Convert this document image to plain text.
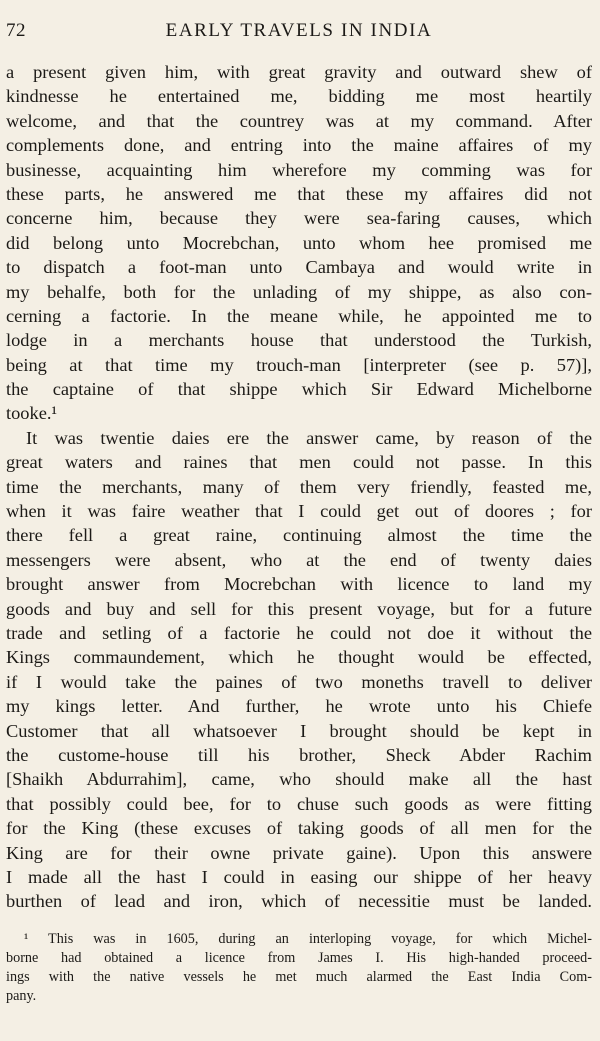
72	EARLY TRAVELS IN INDIA
a present given him, with great gravity and outward shew of
kindnesse he entertained me, bidding me most heartily
welcome, and that the countrey was at my command. After
complements done, and entring into the maine affaires of my
businesse, acquainting him wherefore my comming was for
these parts, he answered me that these my affaires did not
concerne him, because they were sea-faring causes, which
did belong unto Mocrebchan, unto whom hee promised me
to dispatch a foot-man unto Cambaya and would write in
my behalfe, both for the unlading of my shippe, as also con-
cerning a factorie. In the meane while, he appointed me to
lodge in a merchants house that understood the Turkish,
being at that time my trouch-man [interpreter (see p. 57)],
the captaine of that shippe which Sir Edward Michelborne
tooke.¹
It was twentie daies ere the answer came, by reason of the
great waters and raines that men could not passe. In this
time the merchants, many of them very friendly, feasted me,
when it was faire weather that I could get out of doores ; for
there fell a great raine, continuing almost the time the
messengers were absent, who at the end of twenty daies
brought answer from Mocrebchan with licence to land my
goods and buy and sell for this present voyage, but for a future
trade and setling of a factorie he could not doe it without the
Kings commaundement, which he thought would be effected,
if I would take the paines of two moneths travell to deliver
my kings letter. And further, he wrote unto his Chiefe
Customer that all whatsoever I brought should be kept in
the custome-house till his brother, Sheck Abder Rachim
[Shaikh Abdurrahim], came, who should make all the hast
that possibly could bee, for to chuse such goods as were fitting
for the King (these excuses of taking goods of all men for the
King are for their owne private gaine). Upon this answere
I made all the hast I could in easing our shippe of her heavy
burthen of lead and iron, which of necessitie must be landed.
¹ This was in 1605, during an interloping voyage, for which Michel-
borne had obtained a licence from James I. His high-handed proceed-
ings with the native vessels he met much alarmed the East India Com-
pany.
